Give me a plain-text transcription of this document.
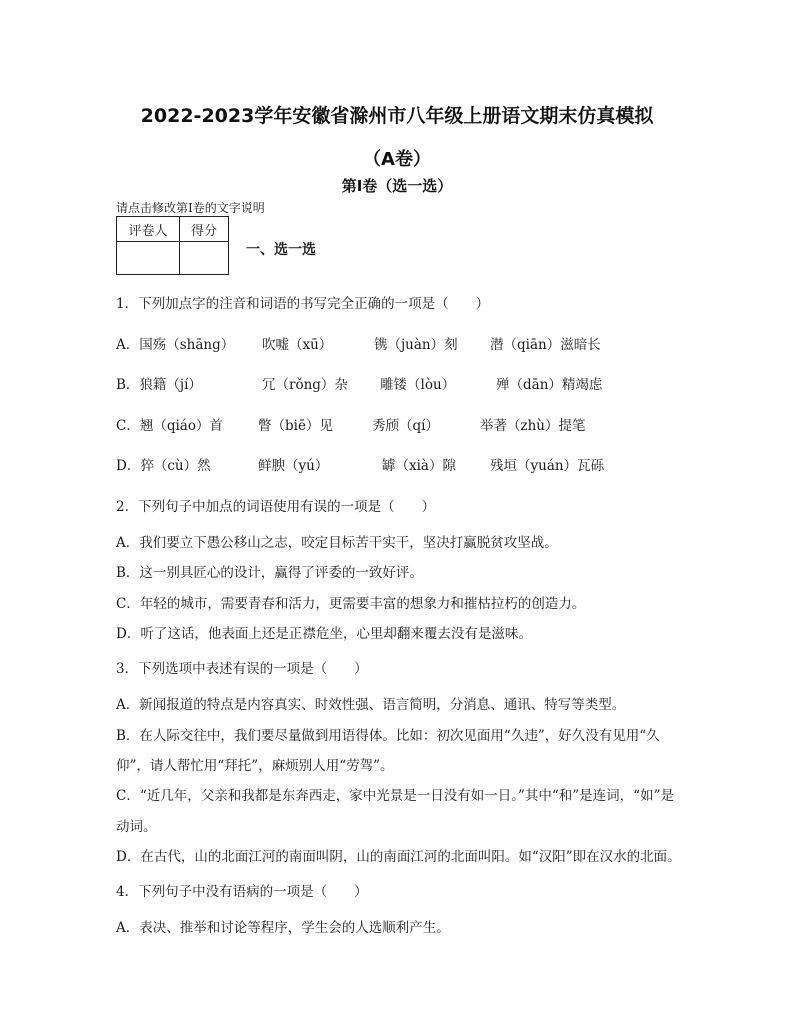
2022-2023学年安徽省滁州市八年级上册语文期末仿真模拟
（A卷）
第Ⅰ卷（选一选）
请点击修改第I卷的文字说明
评卷人	得分

一、选一选
1．下列加点字的注音和词语的书写完全正确的一项是（　　）
A．国殇（shāng） 吹嘘（xū）	镌（juàn）刻 潜（qiān）滋暗长
B．狼籍（jí）	冗（rǒng）杂 雕镂（lòu）	殚（dān）精竭虑
C．翘（qiáo）首	瞥（biē）见	秀颀（qí）	举著（zhù）提笔
D．猝（cù）然	鲜腴（yú）	罅（xià）隙	残垣（yuán）瓦砾
2．下列句子中加点的词语使用有误的一项是（　　）
A．我们要立下愚公移山之志，咬定目标苦干实干，坚决打赢脱贫攻坚战。
B．这一别具匠心的设计，赢得了评委的一致好评。
C．年轻的城市，需要青春和活力，更需要丰富的想象力和摧枯拉朽的创造力。
D．听了这话，他表面上还是正襟危坐，心里却翻来覆去没有是滋味。
3．下列选项中表述有误的一项是（　　）
A．新闻报道的特点是内容真实、时效性强、语言简明，分消息、通讯、特写等类型。
B．在人际交往中，我们要尽量做到用语得体。比如：初次见面用“久违”，好久没有见用“久
仰”，请人帮忙用“拜托”，麻烦别人用“劳驾”。
C．“近几年，父亲和我都是东奔西走，家中光景是一日没有如一日。”其中“和”是连词，“如”是
动词。
D．在古代，山的北面江河的南面叫阴，山的南面江河的北面叫阳。如“汉阳”即在汉水的北面。
4．下列句子中没有语病的一项是（　　）
A．表决、推举和讨论等程序，学生会的人选顺利产生。
